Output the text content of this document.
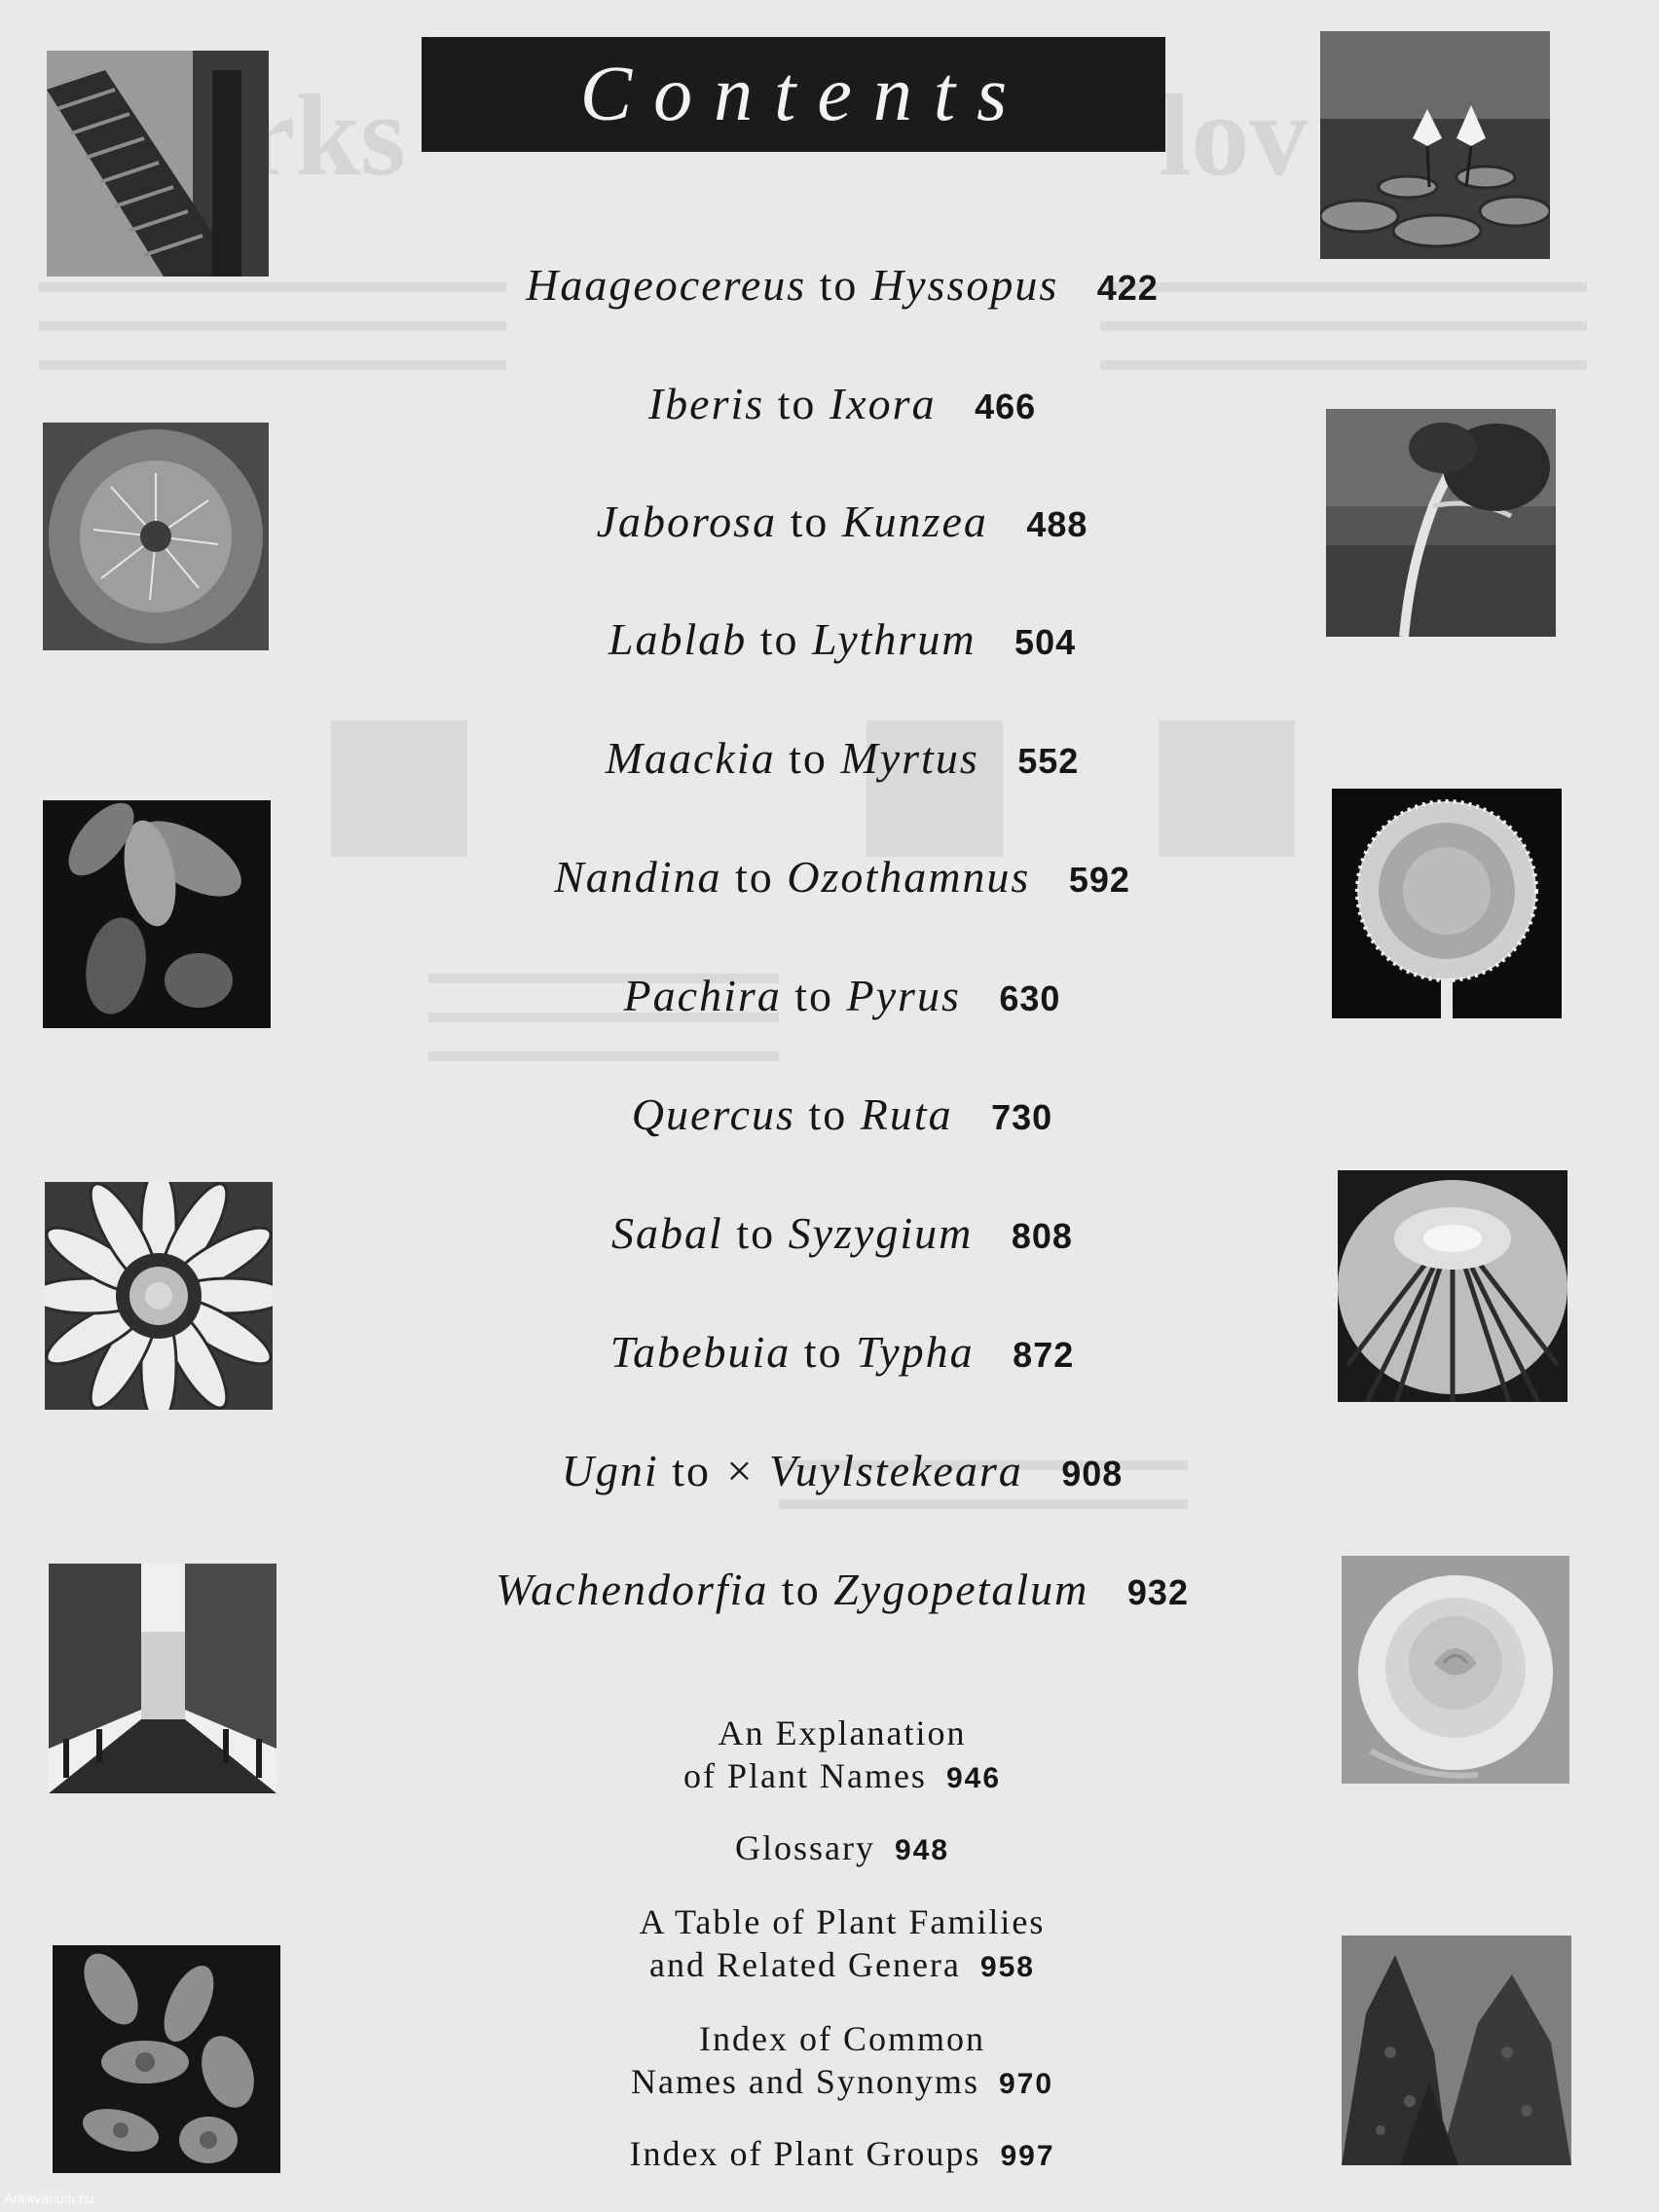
rks	lov
Contents
Haageocereus to Hyssopus 422
Iberis to Ixora 466
Jaborosa to Kunzea 488
Lablab to Lythrum 504
Maackia to Myrtus 552
Nandina to Ozothamnus 592
Pachira to Pyrus 630
Quercus to Ruta 730
Sabal to Syzygium 808
Tabebuia to Typha 872
Ugni to × Vuylstekeara 908
Wachendorfia to Zygopetalum 932
An Explanation
of Plant Names 946
Glossary 948
A Table of Plant Families
and Related Genera 958
Index of Common
Names and Synonyms 970
Index of Plant Groups 997
Antikvarium.hu
